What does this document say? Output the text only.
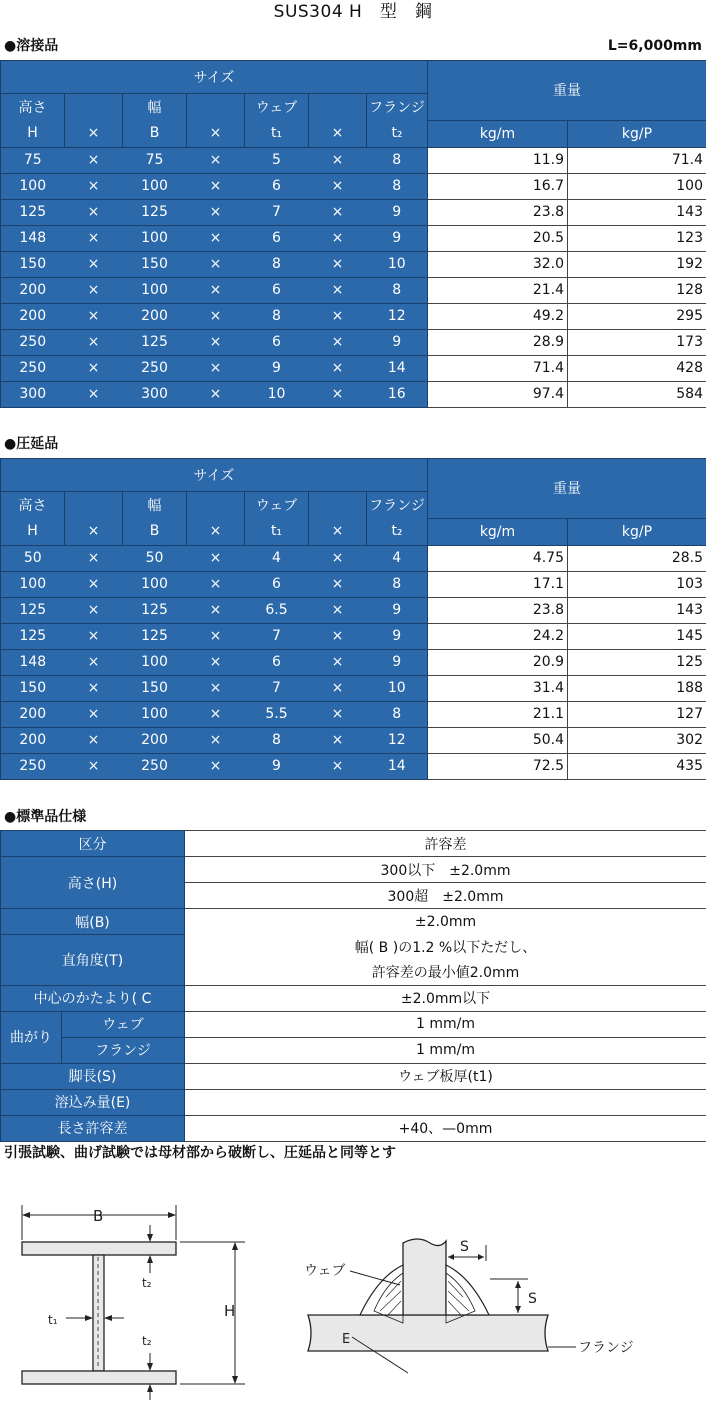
SUS304 H　型　鋼
●溶接品	L=6,000mm
サイズ							重量	
高さ		幅		ウェブ		フランジ		
H	×	B	×	t₁	×	t₂	kg/m	kg/P
75	×	75	×	5	×	8	11.9	71.4
100	×	100	×	6	×	8	16.7	100
125	×	125	×	7	×	9	23.8	143
148	×	100	×	6	×	9	20.5	123
150	×	150	×	8	×	10	32.0	192
200	×	100	×	6	×	8	21.4	128
200	×	200	×	8	×	12	49.2	295
250	×	125	×	6	×	9	28.9	173
250	×	250	×	9	×	14	71.4	428
300	×	300	×	10	×	16	97.4	584
●圧延品
サイズ							重量	
高さ		幅		ウェブ		フランジ		
H	×	B	×	t₁	×	t₂	kg/m	kg/P
50	×	50	×	4	×	4	4.75	28.5
100	×	100	×	6	×	8	17.1	103
125	×	125	×	6.5	×	9	23.8	143
125	×	125	×	7	×	9	24.2	145
148	×	100	×	6	×	9	20.9	125
150	×	150	×	7	×	10	31.4	188
200	×	100	×	5.5	×	8	21.1	127
200	×	200	×	8	×	12	50.4	302
250	×	250	×	9	×	14	72.5	435
●標準品仕様
区分		許容差
高さ(H)		300以下　±2.0mm
		300超　±2.0mm
幅(B)		±2.0mm
直角度(T)		幅( B )の1.2 %以下ただし、
		許容差の最小値2.0mm
中心のかたより( C		±2.0mm以下
曲がり	ウェブ	1 mm/m
	フランジ	1 mm/m
脚長(S)		ウェブ板厚(t1)
溶込み量(E)		
長さ許容差		+40、—0mm
引張試験、曲げ試験では母材部から破断し、圧延品と同等とす
B
H
t₂
t₁
t₂
ウェブ
S
S
E
フランジ
